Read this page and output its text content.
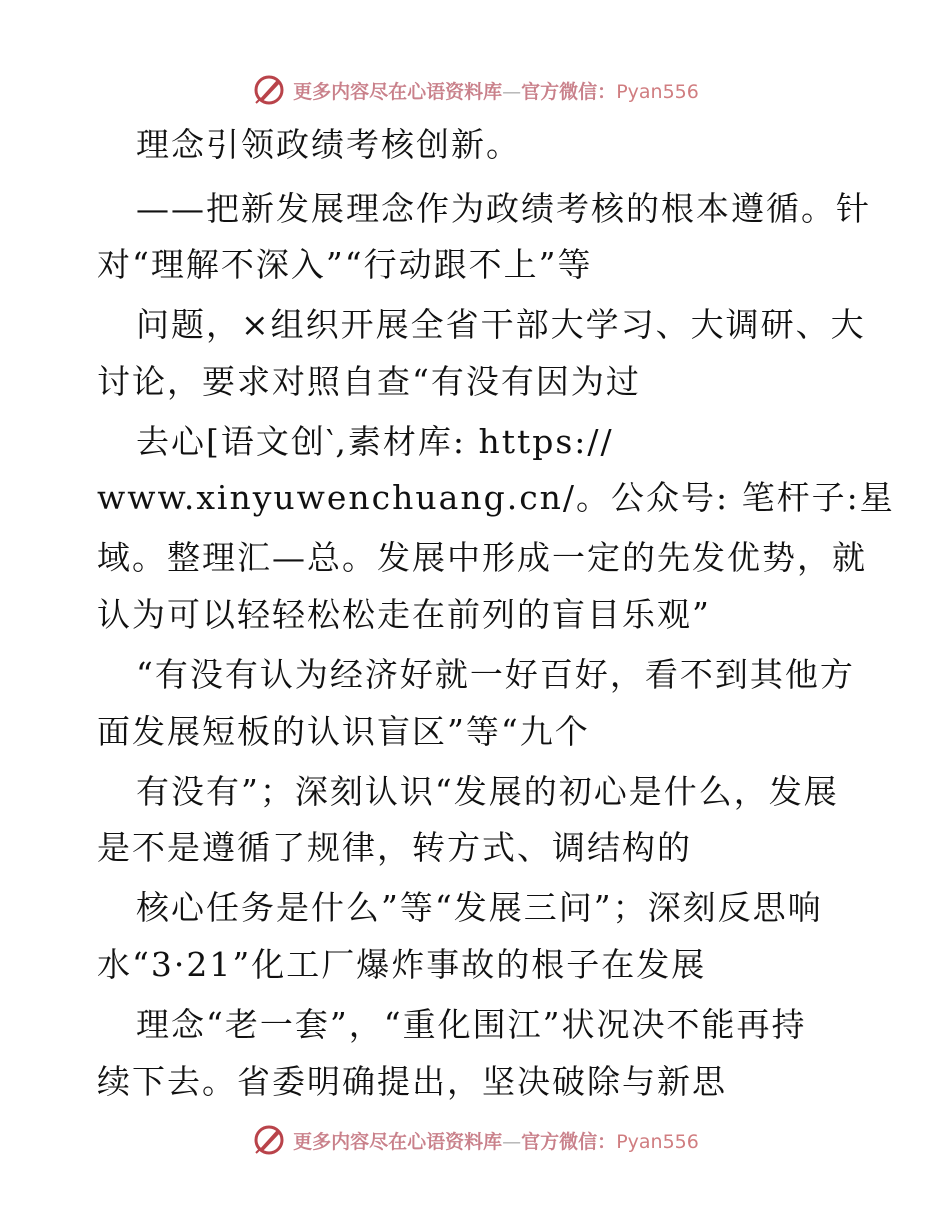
更多内容尽在心语资料库—官方微信：Pyan556
理念引领政绩考核创新。
——把新发展理念作为政绩考核的根本遵循。针
对“理解不深入”“行动跟不上”等
问题，×组织开展全省干部大学习、大调研、大
讨论，要求对照自查“有没有因为过
去心[语文创‵,素材库: https://
www.xinyuwenchuang.cn/。公众号: 笔杆子:星
域。整理汇—总。发展中形成一定的先发优势，就
认为可以轻轻松松走在前列的盲目乐观”
“有没有认为经济好就一好百好，看不到其他方
面发展短板的认识盲区”等“九个
有没有”；深刻认识“发展的初心是什么，发展
是不是遵循了规律，转方式、调结构的
核心任务是什么”等“发展三问”；深刻反思响
水“3·21”化工厂爆炸事故的根子在发展
理念“老一套”，“重化围江”状况决不能再持
续下去。省委明确提出，坚决破除与新思
更多内容尽在心语资料库—官方微信：Pyan556
